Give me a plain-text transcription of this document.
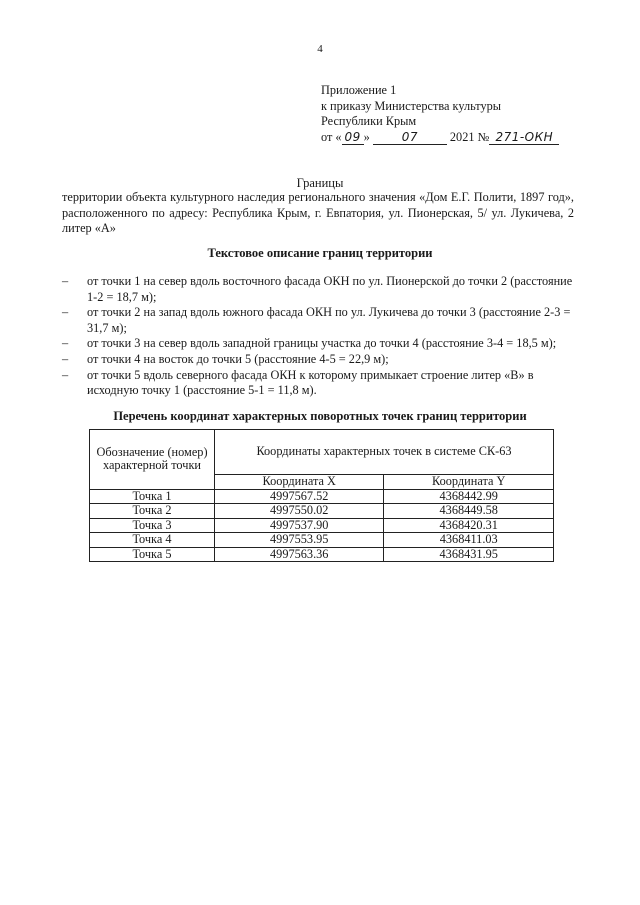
4
Приложение 1
к приказу Министерства культуры
Республики Крым
от « 09 »	07	2021 № 271-ОКН
Границы
территории объекта культурного наследия регионального значения «Дом Е.Г. Полити, 1897 год», расположенного по адресу: Республика Крым, г. Евпатория, ул. Пионерская, 5/ ул. Лукичева, 2 литер «А»
Текстовое описание границ территории
– от точки 1 на север вдоль восточного фасада ОКН по ул. Пионерской до точки 2 (расстояние 1-2 = 18,7 м);
– от точки 2 на запад вдоль южного фасада ОКН по ул. Лукичева до точки 3 (расстояние 2-3 = 31,7 м);
– от точки 3 на север вдоль западной границы участка до точки 4 (расстояние 3-4 = 18,5 м);
– от точки 4 на восток до точки 5 (расстояние 4-5 = 22,9 м);
– от точки 5 вдоль северного фасада ОКН к которому примыкает строение литер «В» в исходную точку 1 (расстояние 5-1 = 11,8 м).
Перечень координат характерных поворотных точек границ территории
Обозначение (номер) характерной точки	Координаты характерных точек в системе СК-63	
	Координата X	Координата Y
Точка 1	4997567.52	4368442.99
Точка 2	4997550.02	4368449.58
Точка 3	4997537.90	4368420.31
Точка 4	4997553.95	4368411.03
Точка 5	4997563.36	4368431.95
